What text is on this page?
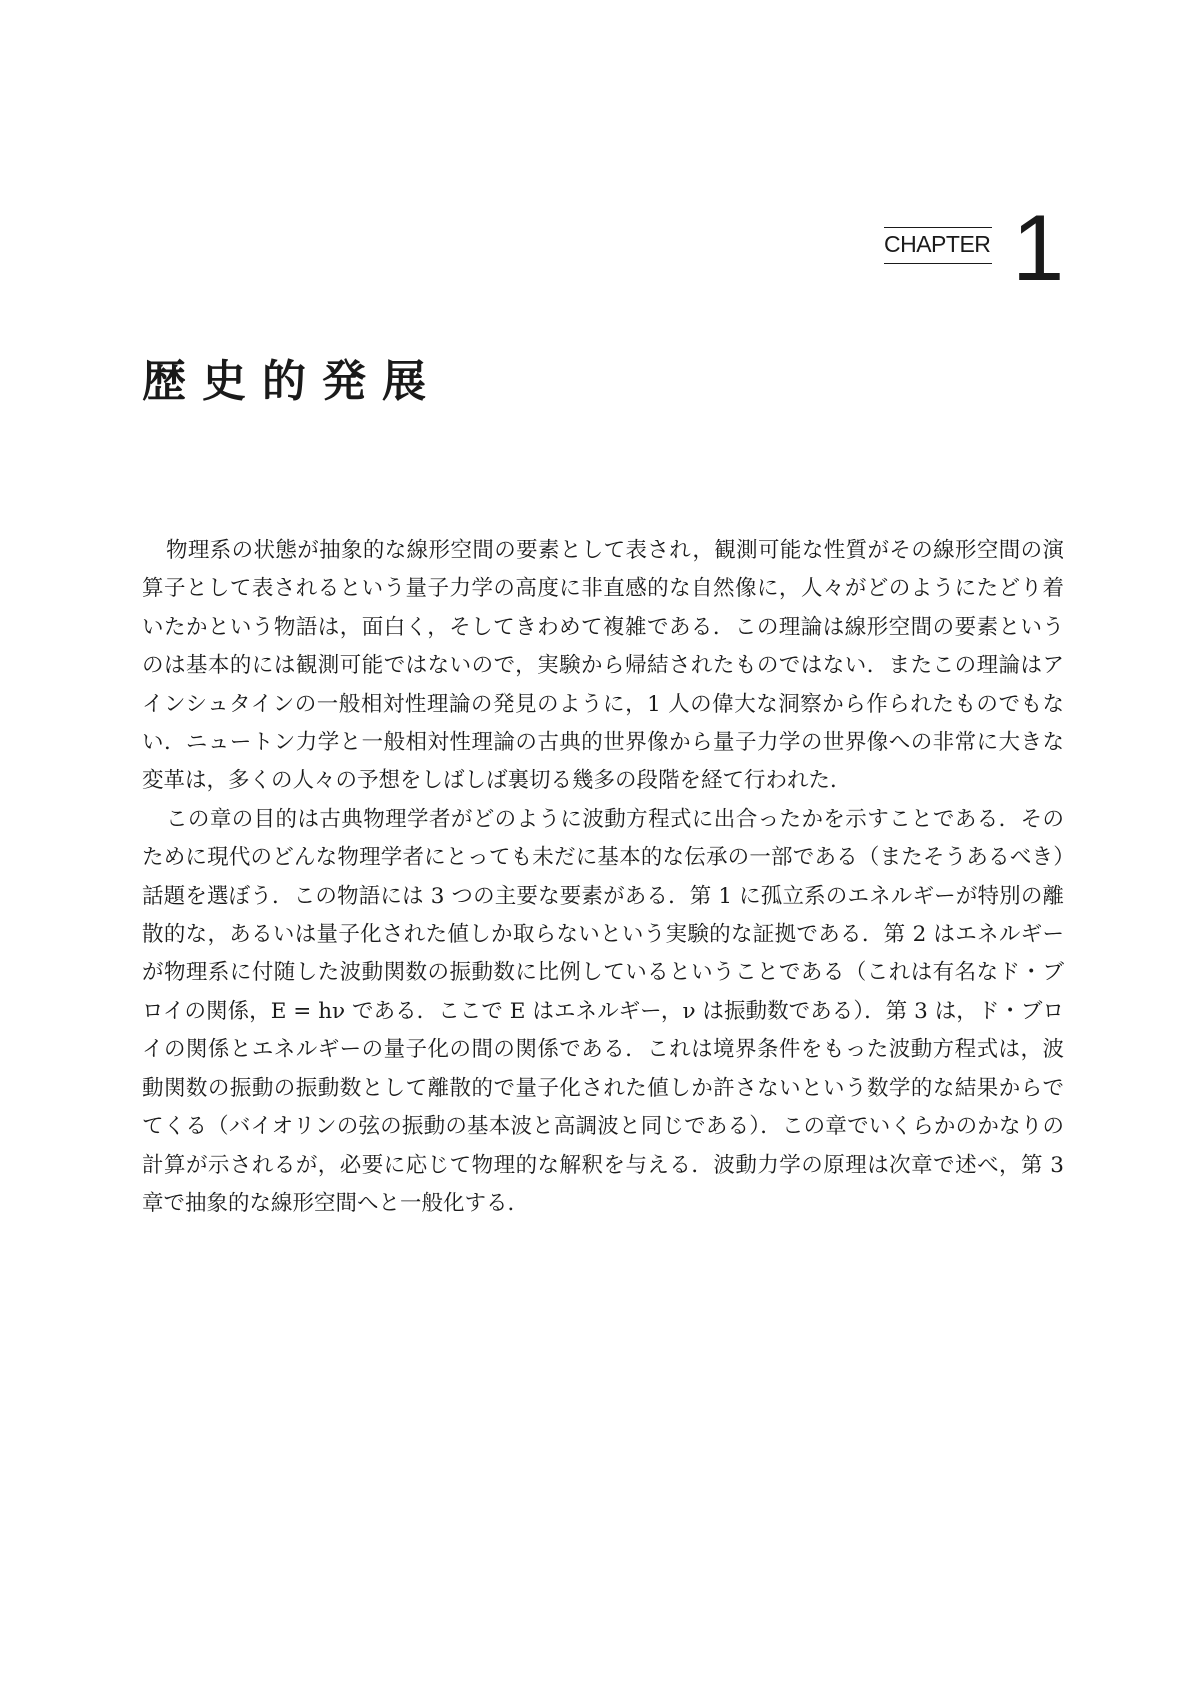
CHAPTER 1
歴史的発展

物理系の状態が抽象的な線形空間の要素として表され，観測可能な性質がその線形空間の演算子として表されるという量子力学の高度に非直感的な自然像に，人々がどのようにたどり着いたかという物語は，面白く，そしてきわめて複雑である．この理論は線形空間の要素というのは基本的には観測可能ではないので，実験から帰結されたものではない．またこの理論はアインシュタインの一般相対性理論の発見のように，1 人の偉大な洞察から作られたものでもない．ニュートン力学と一般相対性理論の古典的世界像から量子力学の世界像への非常に大きな変革は，多くの人々の予想をしばしば裏切る幾多の段階を経て行われた．

この章の目的は古典物理学者がどのように波動方程式に出合ったかを示すことである．そのために現代のどんな物理学者にとっても未だに基本的な伝承の一部である（またそうあるべき）話題を選ぼう．この物語には 3 つの主要な要素がある．第 1 に孤立系のエネルギーが特別の離散的な，あるいは量子化された値しか取らないという実験的な証拠である．第 2 はエネルギーが物理系に付随した波動関数の振動数に比例しているということである（これは有名なド・ブロイの関係，E = hν である．ここで E はエネルギー，ν は振動数である）．第 3 は，ド・ブロイの関係とエネルギーの量子化の間の関係である．これは境界条件をもった波動方程式は，波動関数の振動の振動数として離散的で量子化された値しか許さないという数学的な結果からでてくる（バイオリンの弦の振動の基本波と高調波と同じである）．この章でいくらかのかなりの計算が示されるが，必要に応じて物理的な解釈を与える．波動力学の原理は次章で述べ，第 3 章で抽象的な線形空間へと一般化する．
